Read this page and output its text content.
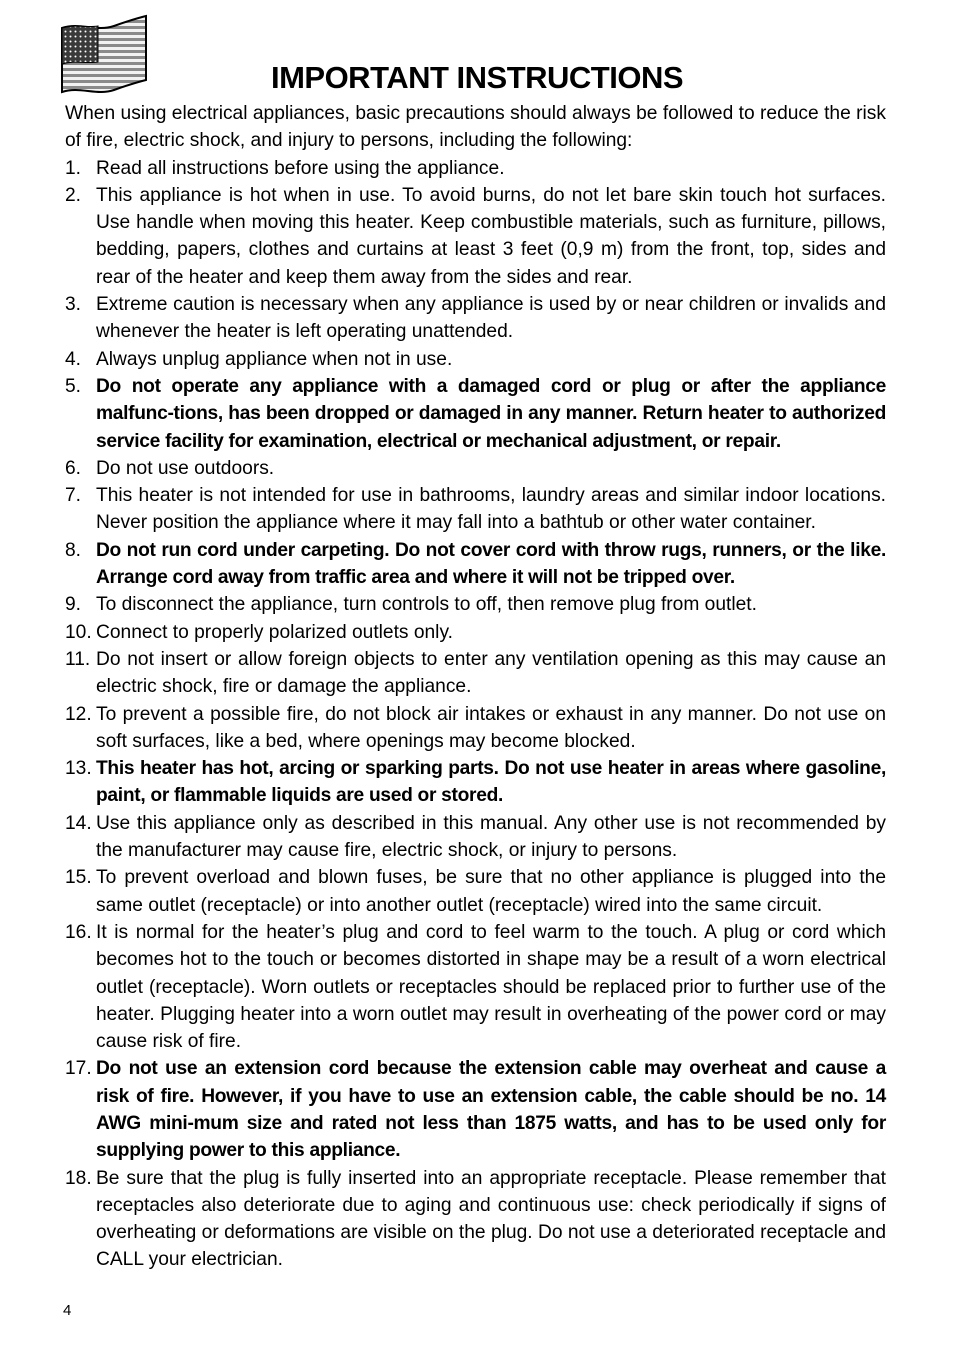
IMPORTANT INSTRUCTIONS

When using electrical appliances, basic precautions should always be followed to reduce the risk of fire, electric shock, and injury to persons, including the following:

1. Read all instructions before using the appliance.
2. This appliance is hot when in use. To avoid burns, do not let bare skin touch hot surfaces. Use handle when moving this heater. Keep combustible materials, such as furniture, pillows, bedding, papers, clothes and curtains at least 3 feet (0,9 m) from the front, top, sides and rear of the heater and keep them away from the sides and rear.
3. Extreme caution is necessary when any appliance is used by or near children or invalids and whenever the heater is left operating unattended.
4. Always unplug appliance when not in use.
5. Do not operate any appliance with a damaged cord or plug or after the appliance malfunc-tions, has been dropped or damaged in any manner. Return heater to authorized service facility for examination, electrical or mechanical adjustment, or repair.
6. Do not use outdoors.
7. This heater is not intended for use in bathrooms, laundry areas and similar indoor locations. Never position the appliance where it may fall into a bathtub or other water container.
8. Do not run cord under carpeting. Do not cover cord with throw rugs, runners, or the like. Arrange cord away from traffic area and where it will not be tripped over.
9. To disconnect the appliance, turn controls to off, then remove plug from outlet.
10. Connect to properly polarized outlets only.
11. Do not insert or allow foreign objects to enter any ventilation opening as this may cause an electric shock, fire or damage the appliance.
12. To prevent a possible fire, do not block air intakes or exhaust in any manner. Do not use on soft surfaces, like a bed, where openings may become blocked.
13. This heater has hot, arcing or sparking parts. Do not use heater in areas where gasoline, paint, or flammable liquids are used or stored.
14. Use this appliance only as described in this manual. Any other use is not recommended by the manufacturer may cause fire, electric shock, or injury to persons.
15. To prevent overload and blown fuses, be sure that no other appliance is plugged into the same outlet (receptacle) or into another outlet (receptacle) wired into the same circuit.
16. It is normal for the heater’s plug and cord to feel warm to the touch. A plug or cord which becomes hot to the touch or becomes distorted in shape may be a result of a worn electrical outlet (receptacle). Worn outlets or receptacles should be replaced prior to further use of the heater. Plugging heater into a worn outlet may result in overheating of the power cord or may cause risk of fire.
17. Do not use an extension cord because the extension cable may overheat and cause a risk of fire. However, if you have to use an extension cable, the cable should be no. 14 AWG mini-mum size and rated not less than 1875 watts, and has to be used only for supplying power to this appliance.
18. Be sure that the plug is fully inserted into an appropriate receptacle. Please remember that receptacles also deteriorate due to aging and continuous use: check periodically if signs of overheating or deformations are visible on the plug. Do not use a deteriorated receptacle and CALL your electrician.
4
